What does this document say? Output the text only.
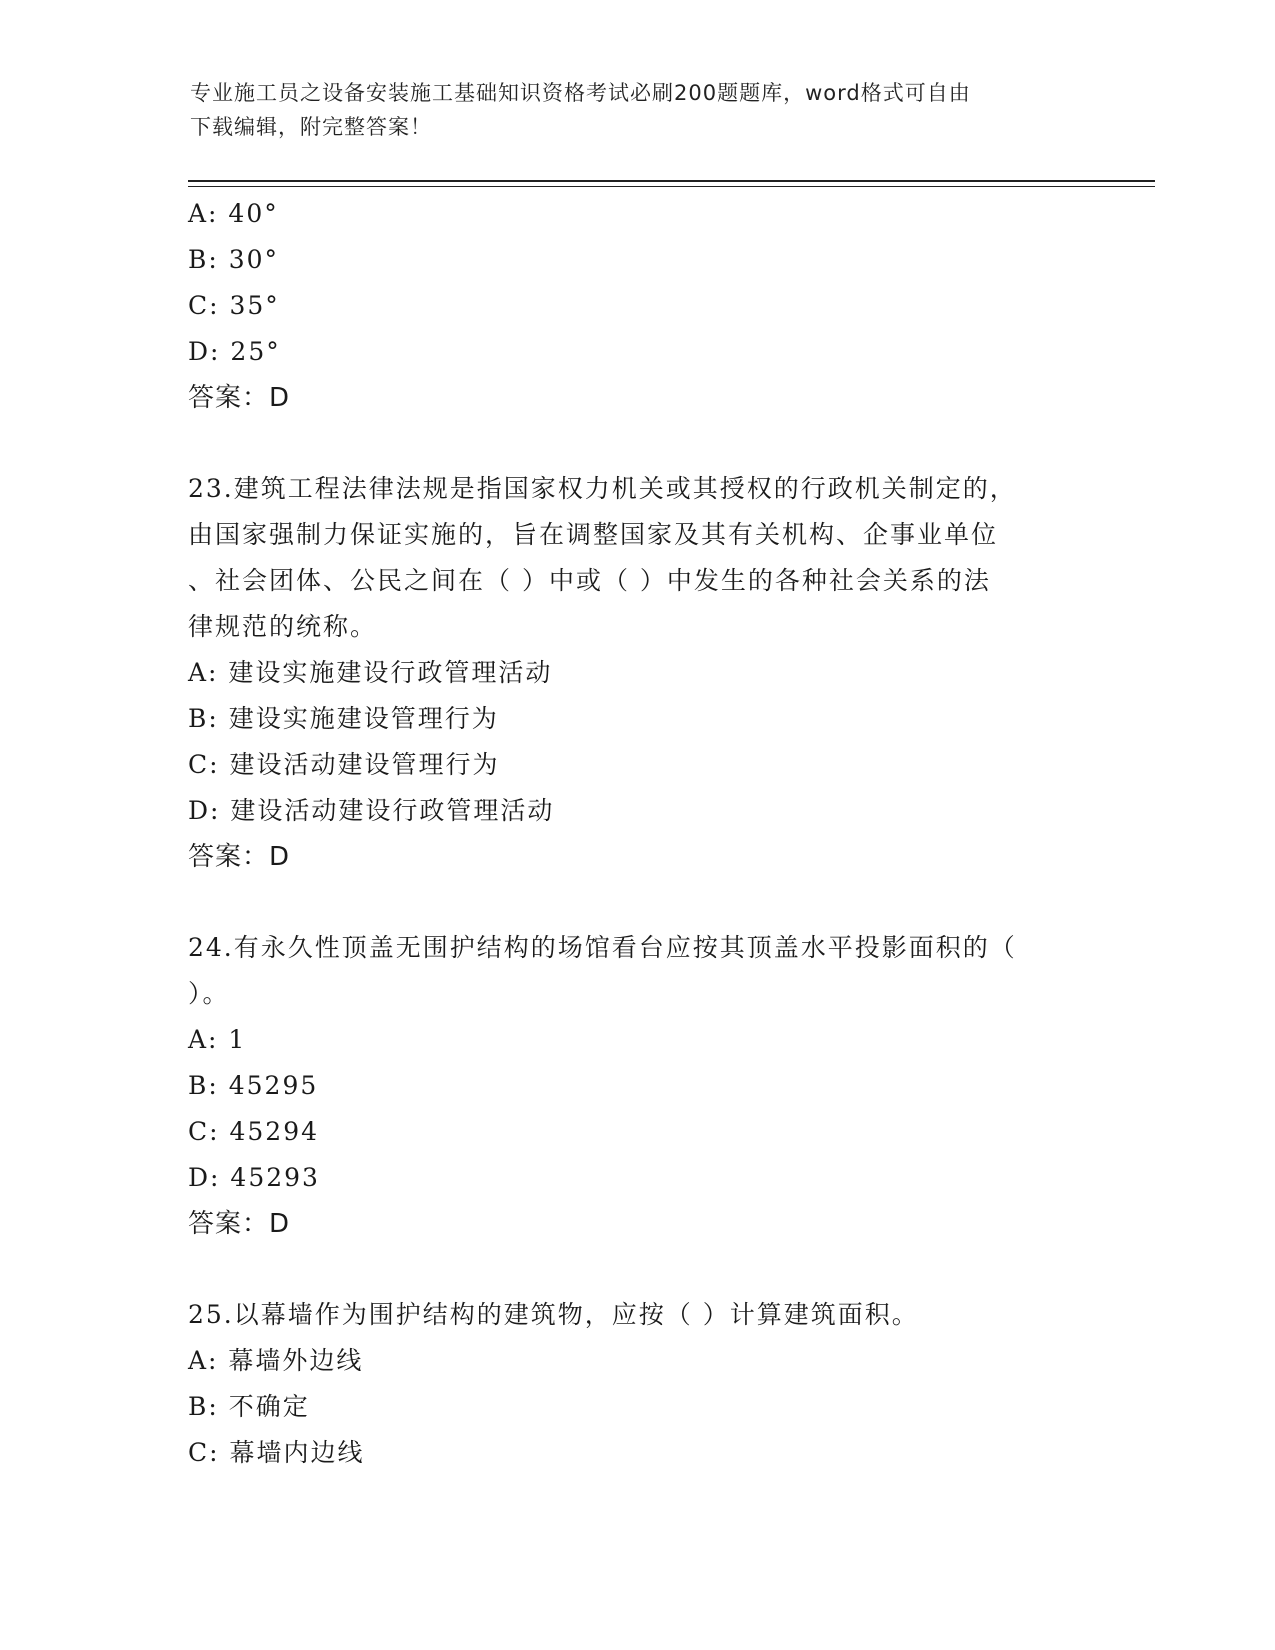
专业施工员之设备安装施工基础知识资格考试必刷200题题库，word格式可自由
下载编辑，附完整答案！
A: 40°
B: 30°
C: 35°
D: 25°
答案：D
23.建筑工程法律法规是指国家权力机关或其授权的行政机关制定的，
由国家强制力保证实施的，旨在调整国家及其有关机构、企事业单位
、社会团体、公民之间在（ ）中或（ ）中发生的各种社会关系的法
律规范的统称。
A: 建设实施建设行政管理活动
B: 建设实施建设管理行为
C: 建设活动建设管理行为
D: 建设活动建设行政管理活动
答案：D
24.有永久性顶盖无围护结构的场馆看台应按其顶盖水平投影面积的（
）。
A: 1
B: 45295
C: 45294
D: 45293
答案：D
25.以幕墙作为围护结构的建筑物，应按（ ）计算建筑面积。
A: 幕墙外边线
B: 不确定
C: 幕墙内边线
